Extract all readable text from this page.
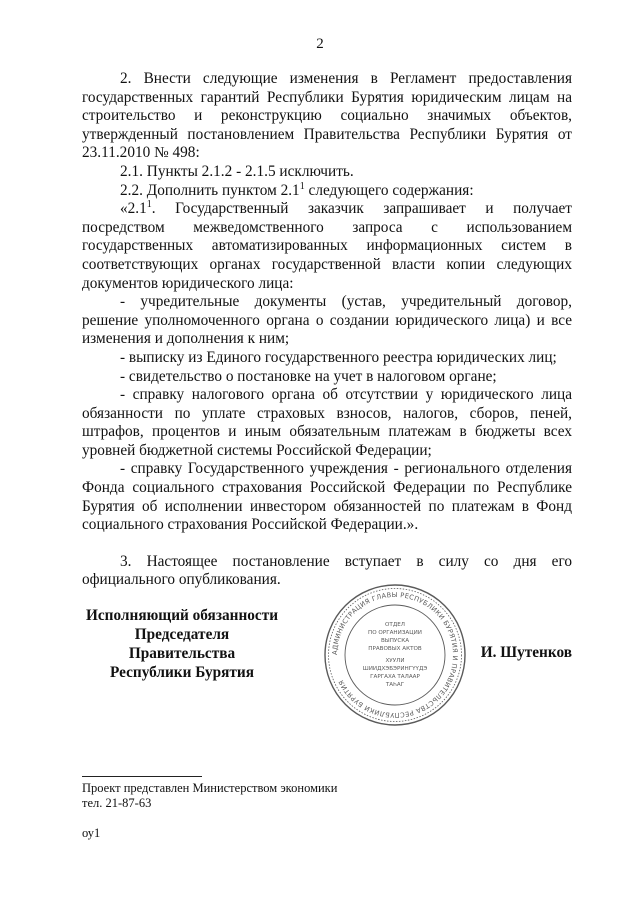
2

2. Внести следующие изменения в Регламент предоставления государственных гарантий Республики Бурятия юридическим лицам на строительство и реконструкцию социально значимых объектов, утвержденный постановлением Правительства Республики Бурятия от 23.11.2010 № 498:

2.1. Пункты 2.1.2 - 2.1.5 исключить.

2.2. Дополнить пунктом $2.1^1$ следующего содержания:

«$2.1^1$. Государственный заказчик запрашивает и получает посредством межведомственного запроса с использованием государственных автоматизированных информационных систем в соответствующих органах государственной власти копии следующих документов юридического лица:

- учредительные документы (устав, учредительный договор, решение уполномоченного органа о создании юридического лица) и все изменения и дополнения к ним;

- выписку из Единого государственного реестра юридических лиц;

- свидетельство о постановке на учет в налоговом органе;

- справку налогового органа об отсутствии у юридического лица обязанности по уплате страховых взносов, налогов, сборов, пеней, штрафов, процентов и иным обязательным платежам в бюджеты всех уровней бюджетной системы Российской Федерации;

- справку Государственного учреждения - регионального отделения Фонда социального страхования Российской Федерации по Республике Бурятия об исполнении инвестором обязанностей по платежам в Фонд социального страхования Российской Федерации.».

3. Настоящее постановление вступает в силу со дня его официального опубликования.

Исполняющий обязанности
Председателя Правительства
Республики Бурятия
АДМИНИСТРАЦИЯ ГЛАВЫ РЕСПУБЛИКИ БУРЯТИЯ И ПРАВИТЕЛЬСТВА РЕСПУБЛИКИ БУРЯТИЯ
ОТДЕЛ
ПО ОРГАНИЗАЦИИ
ВЫПУСКА
ПРАВОВЫХ АКТОВ
ХУУЛИ
ШИИДХЭБЭРИНГҮҮДЭ
ГАРГАХА ТАЛААР
ТАҺАГ
И. Шутенков
Проект представлен Министерством экономики
тел. 21-87-63
оу1
